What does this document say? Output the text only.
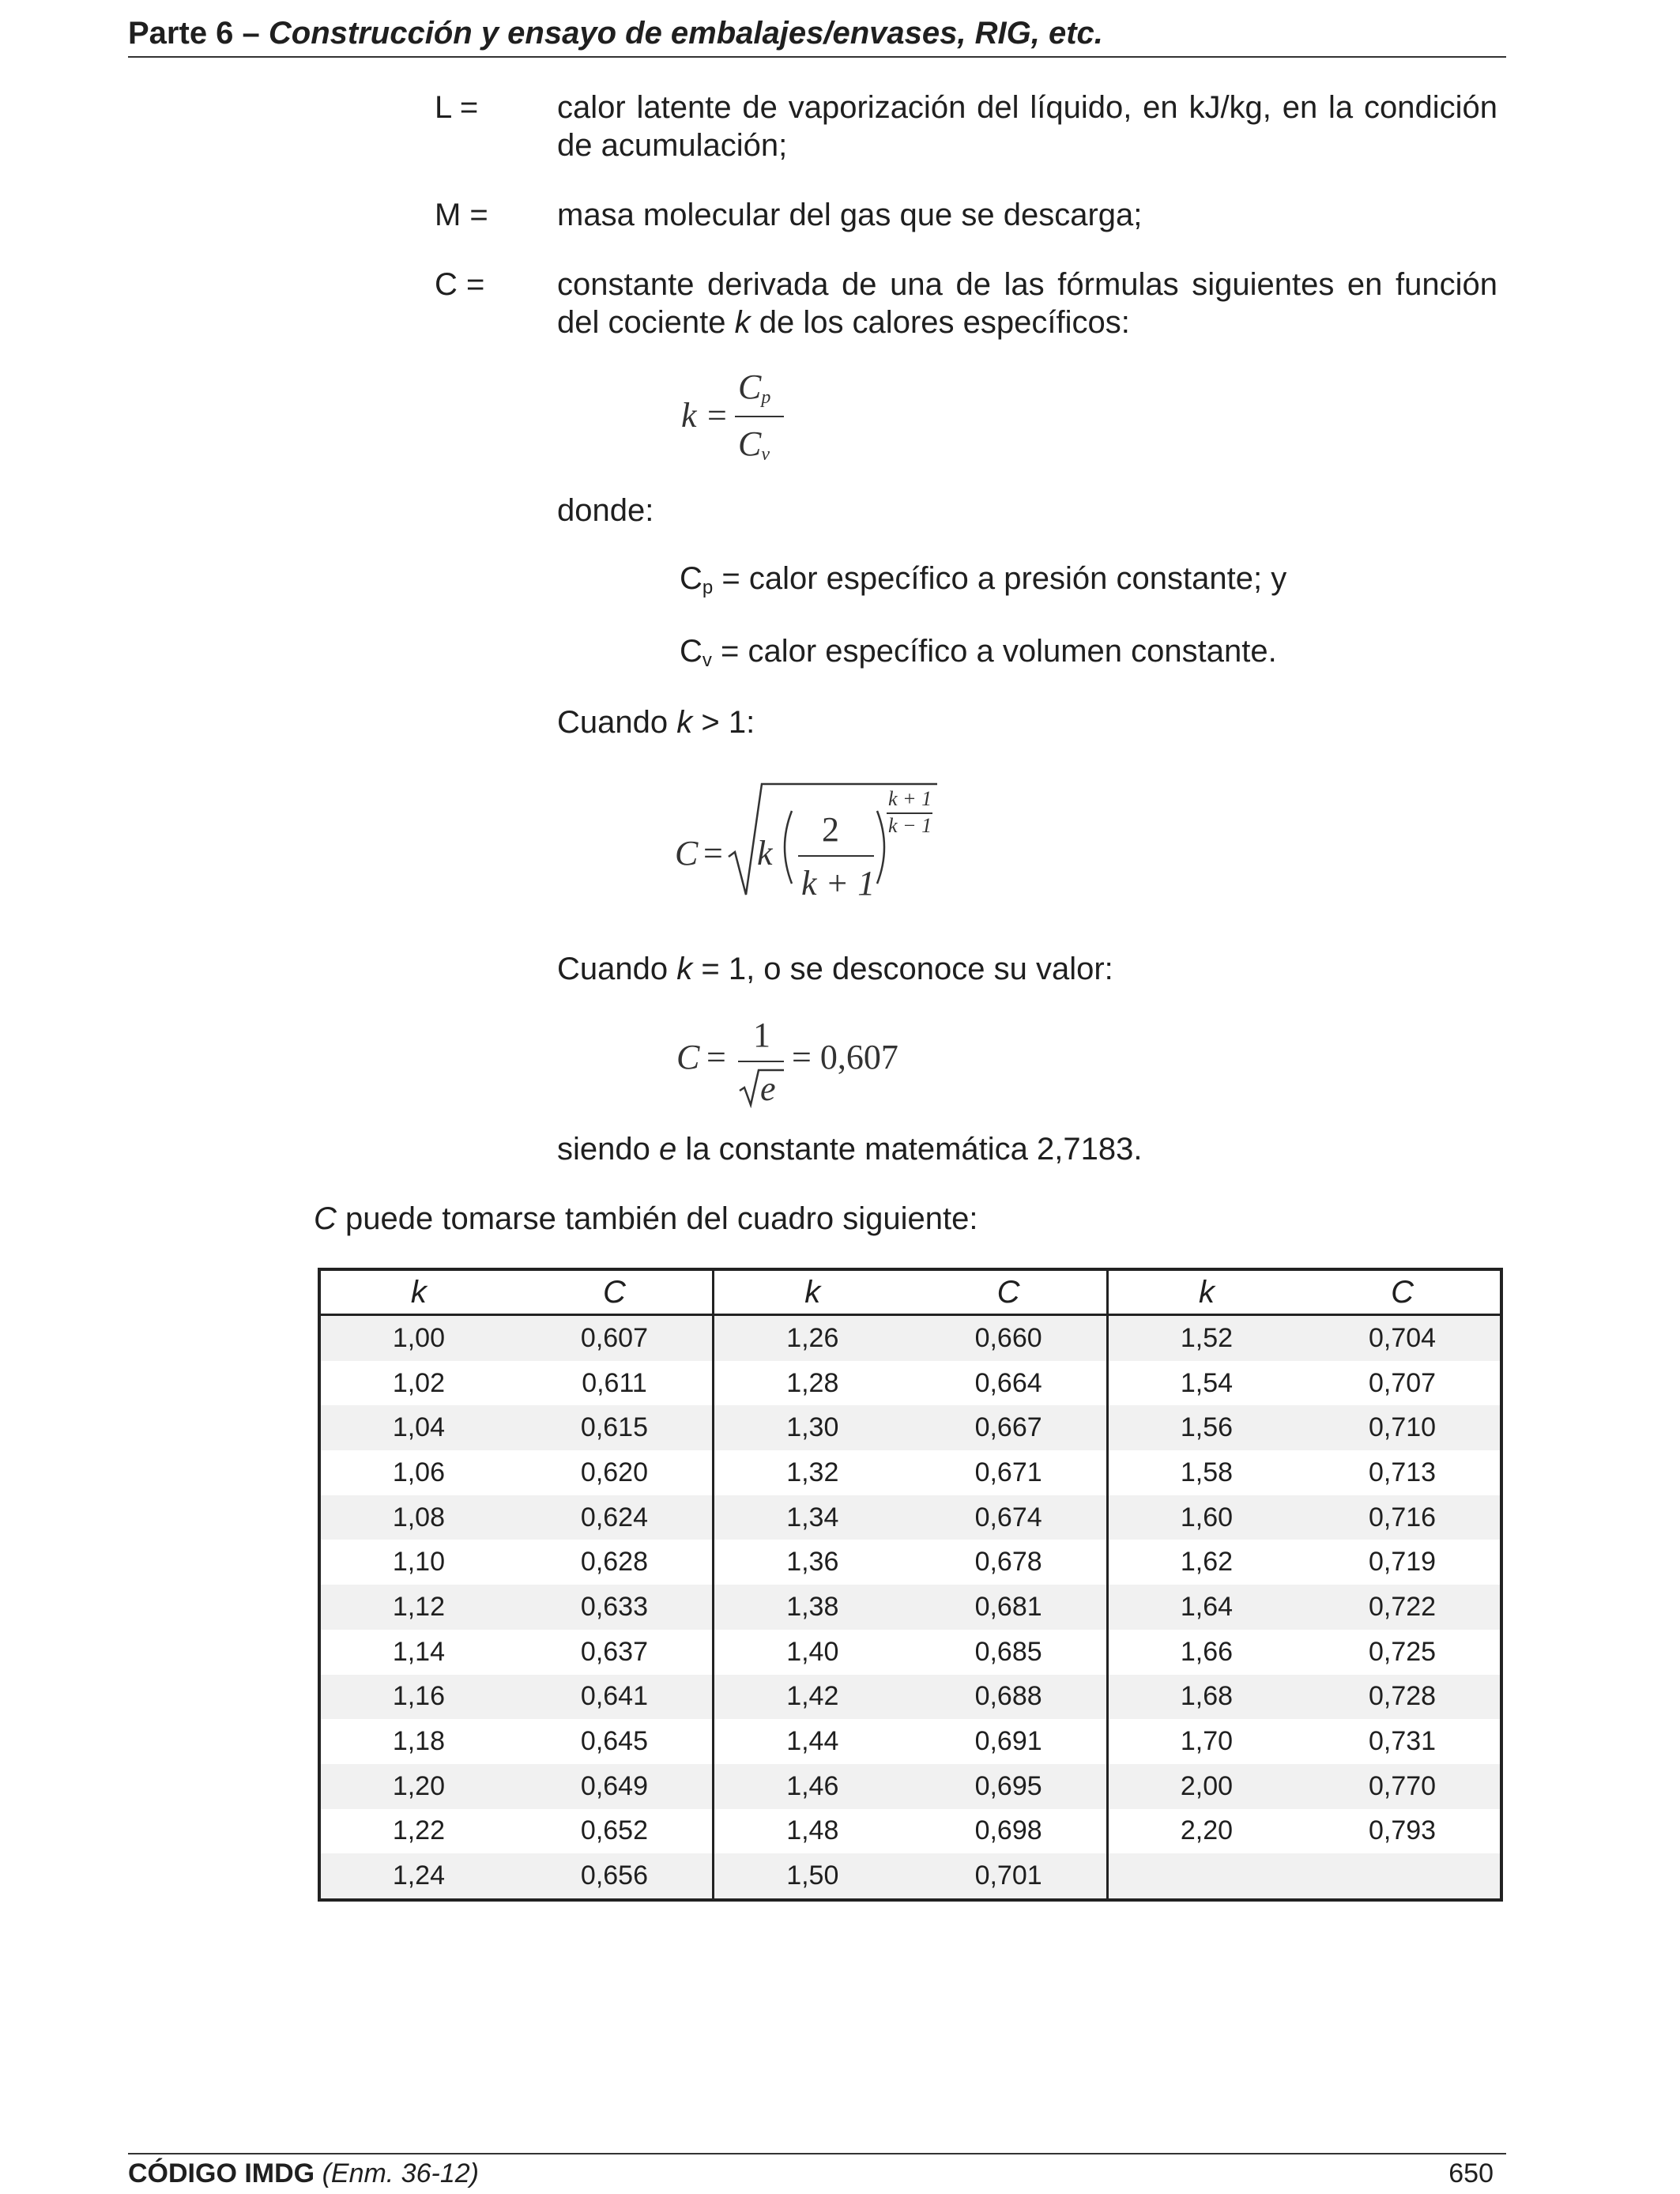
Parte 6 – Construcción y ensayo de embalajes/envases, RIG, etc.
L = calor latente de vaporización del líquido, en kJ/kg, en la condición de acumulación;
M = masa molecular del gas que se descarga;
C = constante derivada de una de las fórmulas siguientes en función del cociente k de los calores específicos:
k =
$C_p$
$C_v$
donde:
$C_p$ = calor específico a presión constante; y
$C_v$ = calor específico a volumen constante.
Cuando k > 1:
C = k
2
k + 1
k + 1
k − 1
Cuando k = 1, o se desconoce su valor:
C =
1
e
= 0,607
siendo e la constante matemática 2,7183.
C puede tomarse también del cuadro siguiente:
k	C	k	C	k	C
1,00	0,607	1,26	0,660	1,52	0,704
1,02	0,611	1,28	0,664	1,54	0,707
1,04	0,615	1,30	0,667	1,56	0,710
1,06	0,620	1,32	0,671	1,58	0,713
1,08	0,624	1,34	0,674	1,60	0,716
1,10	0,628	1,36	0,678	1,62	0,719
1,12	0,633	1,38	0,681	1,64	0,722
1,14	0,637	1,40	0,685	1,66	0,725
1,16	0,641	1,42	0,688	1,68	0,728
1,18	0,645	1,44	0,691	1,70	0,731
1,20	0,649	1,46	0,695	2,00	0,770
1,22	0,652	1,48	0,698	2,20	0,793
1,24	0,656	1,50	0,701		
CÓDIGO IMDG (Enm. 36-12)	650
